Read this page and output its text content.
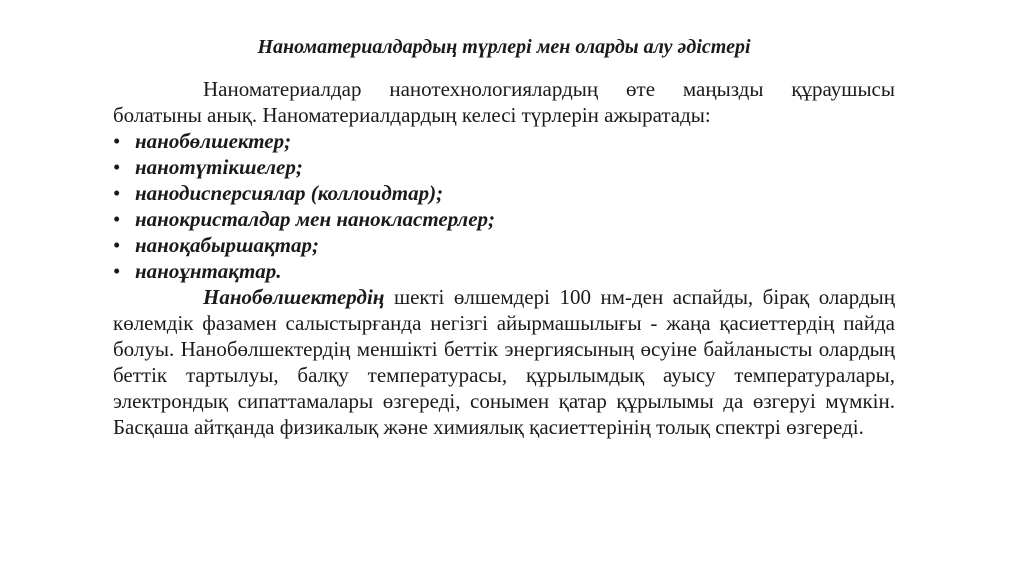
Наноматериалдардың түрлері мен оларды алу әдістері

Наноматериалдар нанотехнологиялардың өте маңызды құраушысы болатыны анық. Наноматериалдардың келесі түрлерін ажыратады:

• нанобөлшектер;
• нанотүтікшелер;
• нанодисперсиялар (коллоидтар);
• нанокристалдар мен нанокластерлер;
• наноқабыршақтар;
• наноұнтақтар.

Нанобөлшектердің шекті өлшемдері 100 нм-ден аспайды, бірақ олардың көлемдік фазамен салыстырғанда негізгі айырмашылығы - жаңа қасиеттердің пайда болуы. Нанобөлшектердің меншікті беттік энергиясының өсуіне байланысты олардың беттік тартылуы, балқу температурасы, құрылымдық ауысу температуралары, электрондық сипаттамалары өзгереді, сонымен қатар құрылымы да өзгеруі мүмкін. Басқаша айтқанда физикалық және химиялық қасиеттерінің толық спектрі өзгереді.
